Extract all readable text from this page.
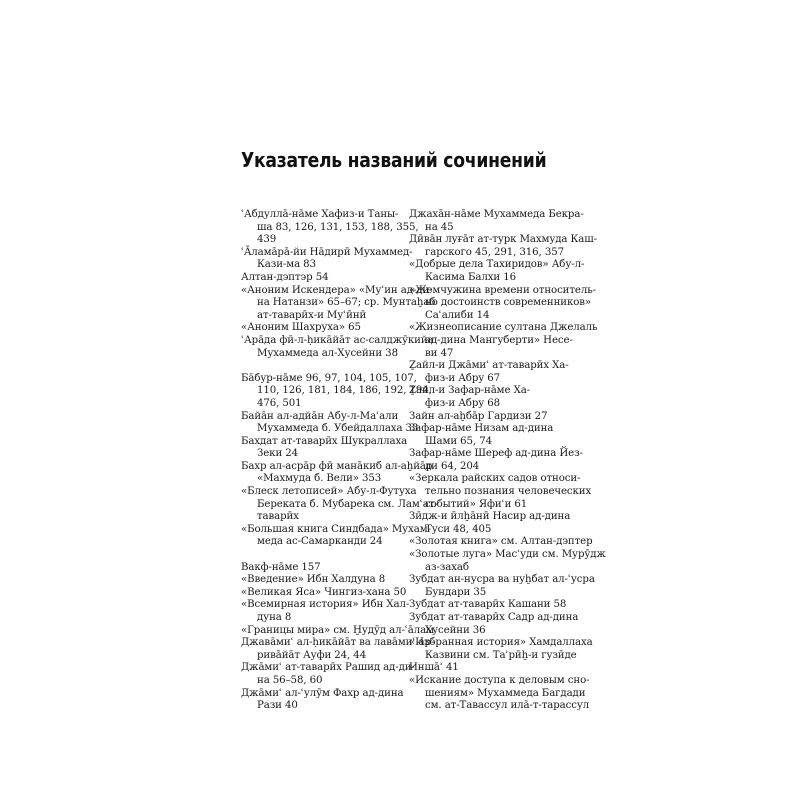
Указатель названий сочинений
ʿАбдуллā-нāме Хафиз-и Таны-
ша 83, 126, 131, 153, 188, 355,
439
ʿĀламāрā-йи Нāдирӣ Мухаммед-
Кази-ма 83
Алтан-дэптэр 54
«Аноним Искендера» «Муʿин ад-ди-
на Натанзи» 65–67; ср. Мунтаḫаб
ат-таварӣх-и Муʿӣнӣ
«Аноним Шахруха» 65
ʿАрāда фӣ-л-ḥикāйāт ас-салджӯкийа
Мухаммеда ал-Хусейни 38
Бāбур-нāме 96, 97, 104, 105, 107,
110, 126, 181, 184, 186, 192, 194,
476, 501
Байāн ал-адйāн Абу-л-Маʿали
Мухаммеда б. Убейдаллаха 33
Бахдат ат-таварӣх Шукраллаха
Зеки 24
Бахр ал-асрāр фӣ манāкиб ал-аḫйāр
«Махмуда б. Вели» 353
«Блеск летописей» Абу-л-Футуха
Береката б. Мубарека см. Ламʿат-
таварӣх
«Большая книга Синдбада» Мухам-
меда ас-Самарканди 24
Вакф-нāме 157
«Введение» Ибн Халдуна 8
«Великая Яса» Чингиз-хана 50
«Всемирная история» Ибн Хал-
дуна 8
«Границы мира» см. Ḫудӯд ал-ʿāлам
Джавāмиʿ ал-ḥикāйāт ва лавāмиʿ ар-
ривāйāт Ауфи 24, 44
Джāмиʿ ат-таварӣх Рашид ад-ди-
на 56–58, 60
Джāмиʿ ал-ʿулӯм Фахр ад-дина
Рази 40
Джахāн-нāме Мухаммеда Бекра-
на 45
Дӣвāн луғāт ат-турк Махмуда Каш-
гарского 45, 291, 316, 357
«Добрые дела Тахиридов» Абу-л-
Касима Балхи 16
«Жемчужина времени относитель-
но достоинств современников»
Саʿалиби 14
«Жизнеописание султана Джелаль
ад-дина Мангуберти» Несе-
ви 47
Ẕайл-и Джāмиʿ ат-таварӣх Ха-
физ-и Абру 67
Ẕайл-и Зафар-нāме Ха-
физ-и Абру 68
Зайн ал-аḫбāр Гардизи 27
Зафар-нāме Низам ад-дина
Шами 65, 74
Зафар-нāме Шереф ад-дина Йез-
ди 64, 204
«Зеркала райских садов относи-
тельно познания человеческих
событий» Яфиʿи 61
Зӣдж-и ӣлḫāнӣ Насир ад-дина
Туси 48, 405
«Золотая книга» см. Алтан-дэптер
«Золотые луга» Масʿуди см. Мурӯдж
аз-захаб
Зубдат ан-нусра ва нуḫбат ал-ʿусра
Бундари 35
Зубдат ат-таварӣх Кашани 58
Зубдат ат-таварӣх Садр ад-дина
Хусейни 36
«Избранная история» Хамдаллаха
Казвини см. Таʾрӣḫ-и гузӣде
Иншāʾ 41
«Искание доступа к деловым сно-
шениям» Мухаммеда Багдади
см. ат-Тавассул илā-т-тарассул
